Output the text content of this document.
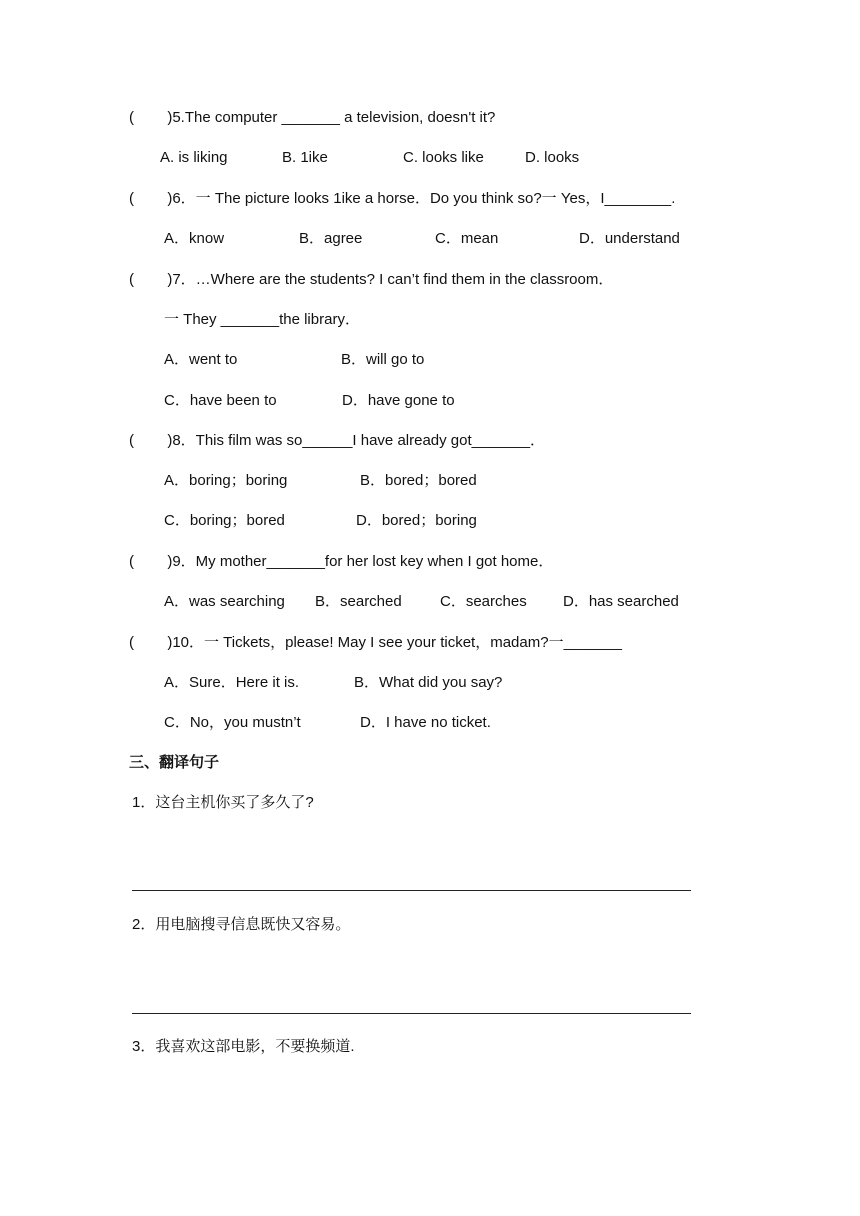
(        )5.The computer _______ a television, doesn't it?
A. is liking	B. 1ike	C. looks like	D. looks
(        )6．一 The picture looks 1ike a horse．Do you think so?一 Yes，I________.
A．know	B．agree	C．mean	D．understand
(        )7．…Where are the students? I can’t find them in the classroom．
一 They _______the library．
A．went to	B．will go to
C．have been to	D．have gone to
(        )8．This film was so______I have already got_______．
A．boring；boring	B．bored；bored
C．boring；bored	D．bored；boring
(        )9．My mother_______for her lost key when I got home．
A．was searching B．searched	C．searches D．has searched
(        )10．一 Tickets，please! May I see your ticket，madam?一_______
A．Sure．Here it is.	B．What did you say?
C．No，you mustn’t	D．I have no ticket.
三、翻译句子
1．这台主机你买了多久了?
2．用电脑搜寻信息既快又容易。
3．我喜欢这部电影，不要换频道.
